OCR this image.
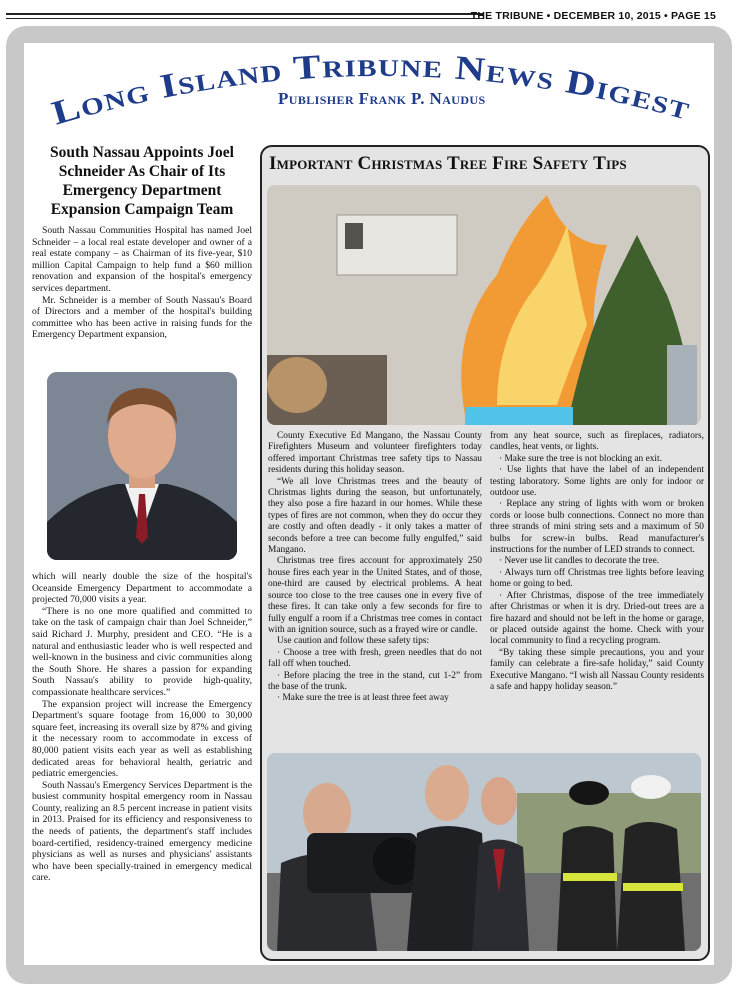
THE TRIBUNE • DECEMBER 10, 2015 • PAGE 15
Long Island Tribune News Digest
Publisher Frank P. Naudus
South Nassau Appoints Joel Schneider As Chair of Its Emergency Department Expansion Campaign Team

South Nassau Communities Hospital has named Joel Schneider – a local real estate developer and owner of a real estate company – as Chairman of its five-year, $10 million Capital Campaign to help fund a $60 million renovation and expansion of the hospital's emergency services department.

Mr. Schneider is a member of South Nassau's Board of Directors and a member of the hospital's building committee who has been active in raising funds for the Emergency Department expansion,

which will nearly double the size of the hospital's Oceanside Emergency Department to accommodate a projected 70,000 visits a year.

“There is no one more qualified and committed to take on the task of campaign chair than Joel Schneider,” said Richard J. Murphy, president and CEO. “He is a natural and enthusiastic leader who is well respected and well-known in the business and civic communities along the South Shore. He shares a passion for expanding South Nassau's ability to provide high-quality, compassionate healthcare services.”

The expansion project will increase the Emergency Department's square footage from 16,000 to 30,000 square feet, increasing its overall size by 87% and giving it the necessary room to accommodate in excess of 80,000 patient visits each year as well as establishing dedicated areas for behavioral health, geriatric and pediatric emergencies.

South Nassau's Emergency Services Department is the busiest community hospital emergency room in Nassau County, realizing an 8.5 percent increase in patient visits in 2013. Praised for its efficiency and responsiveness to the needs of patients, the department's staff includes board-certified, residency-trained emergency medicine physicians as well as nurses and physicians' assistants who have been specially-trained in emergency medical care.

Important Christmas Tree Fire Safety Tips

County Executive Ed Mangano, the Nassau County Firefighters Museum and volunteer firefighters today offered important Christmas tree safety tips to Nassau residents during this holiday season.

“We all love Christmas trees and the beauty of Christmas lights during the season, but unfortunately, they also pose a fire hazard in our homes. While these types of fires are not common, when they do occur they are costly and often deadly - it only takes a matter of seconds before a tree can become fully engulfed,” said Mangano.

Christmas tree fires account for approximately 250 house fires each year in the United States, and of those, one-third are caused by electrical problems. A heat source too close to the tree causes one in every five of these fires. It can take only a few seconds for fire to fully engulf a room if a Christmas tree comes in contact with an ignition source, such as a frayed wire or candle.

Use caution and follow these safety tips:

· Choose a tree with fresh, green needles that do not fall off when touched.

· Before placing the tree in the stand, cut 1-2” from the base of the trunk.

· Make sure the tree is at least three feet away

from any heat source, such as fireplaces, radiators, candles, heat vents, or lights.

· Make sure the tree is not blocking an exit.

· Use lights that have the label of an independent testing laboratory. Some lights are only for indoor or outdoor use.

· Replace any string of lights with worn or broken cords or loose bulb connections. Connect no more than three strands of mini string sets and a maximum of 50 bulbs for screw-in bulbs. Read manufacturer's instructions for the number of LED strands to connect.

· Never use lit candles to decorate the tree.

· Always turn off Christmas tree lights before leaving home or going to bed.

· After Christmas, dispose of the tree immediately after Christmas or when it is dry. Dried-out trees are a fire hazard and should not be left in the home or garage, or placed outside against the home. Check with your local community to find a recycling program.

“By taking these simple precautions, you and your family can celebrate a fire-safe holiday,” said County Executive Mangano. “I wish all Nassau County residents a safe and happy holiday season.”
